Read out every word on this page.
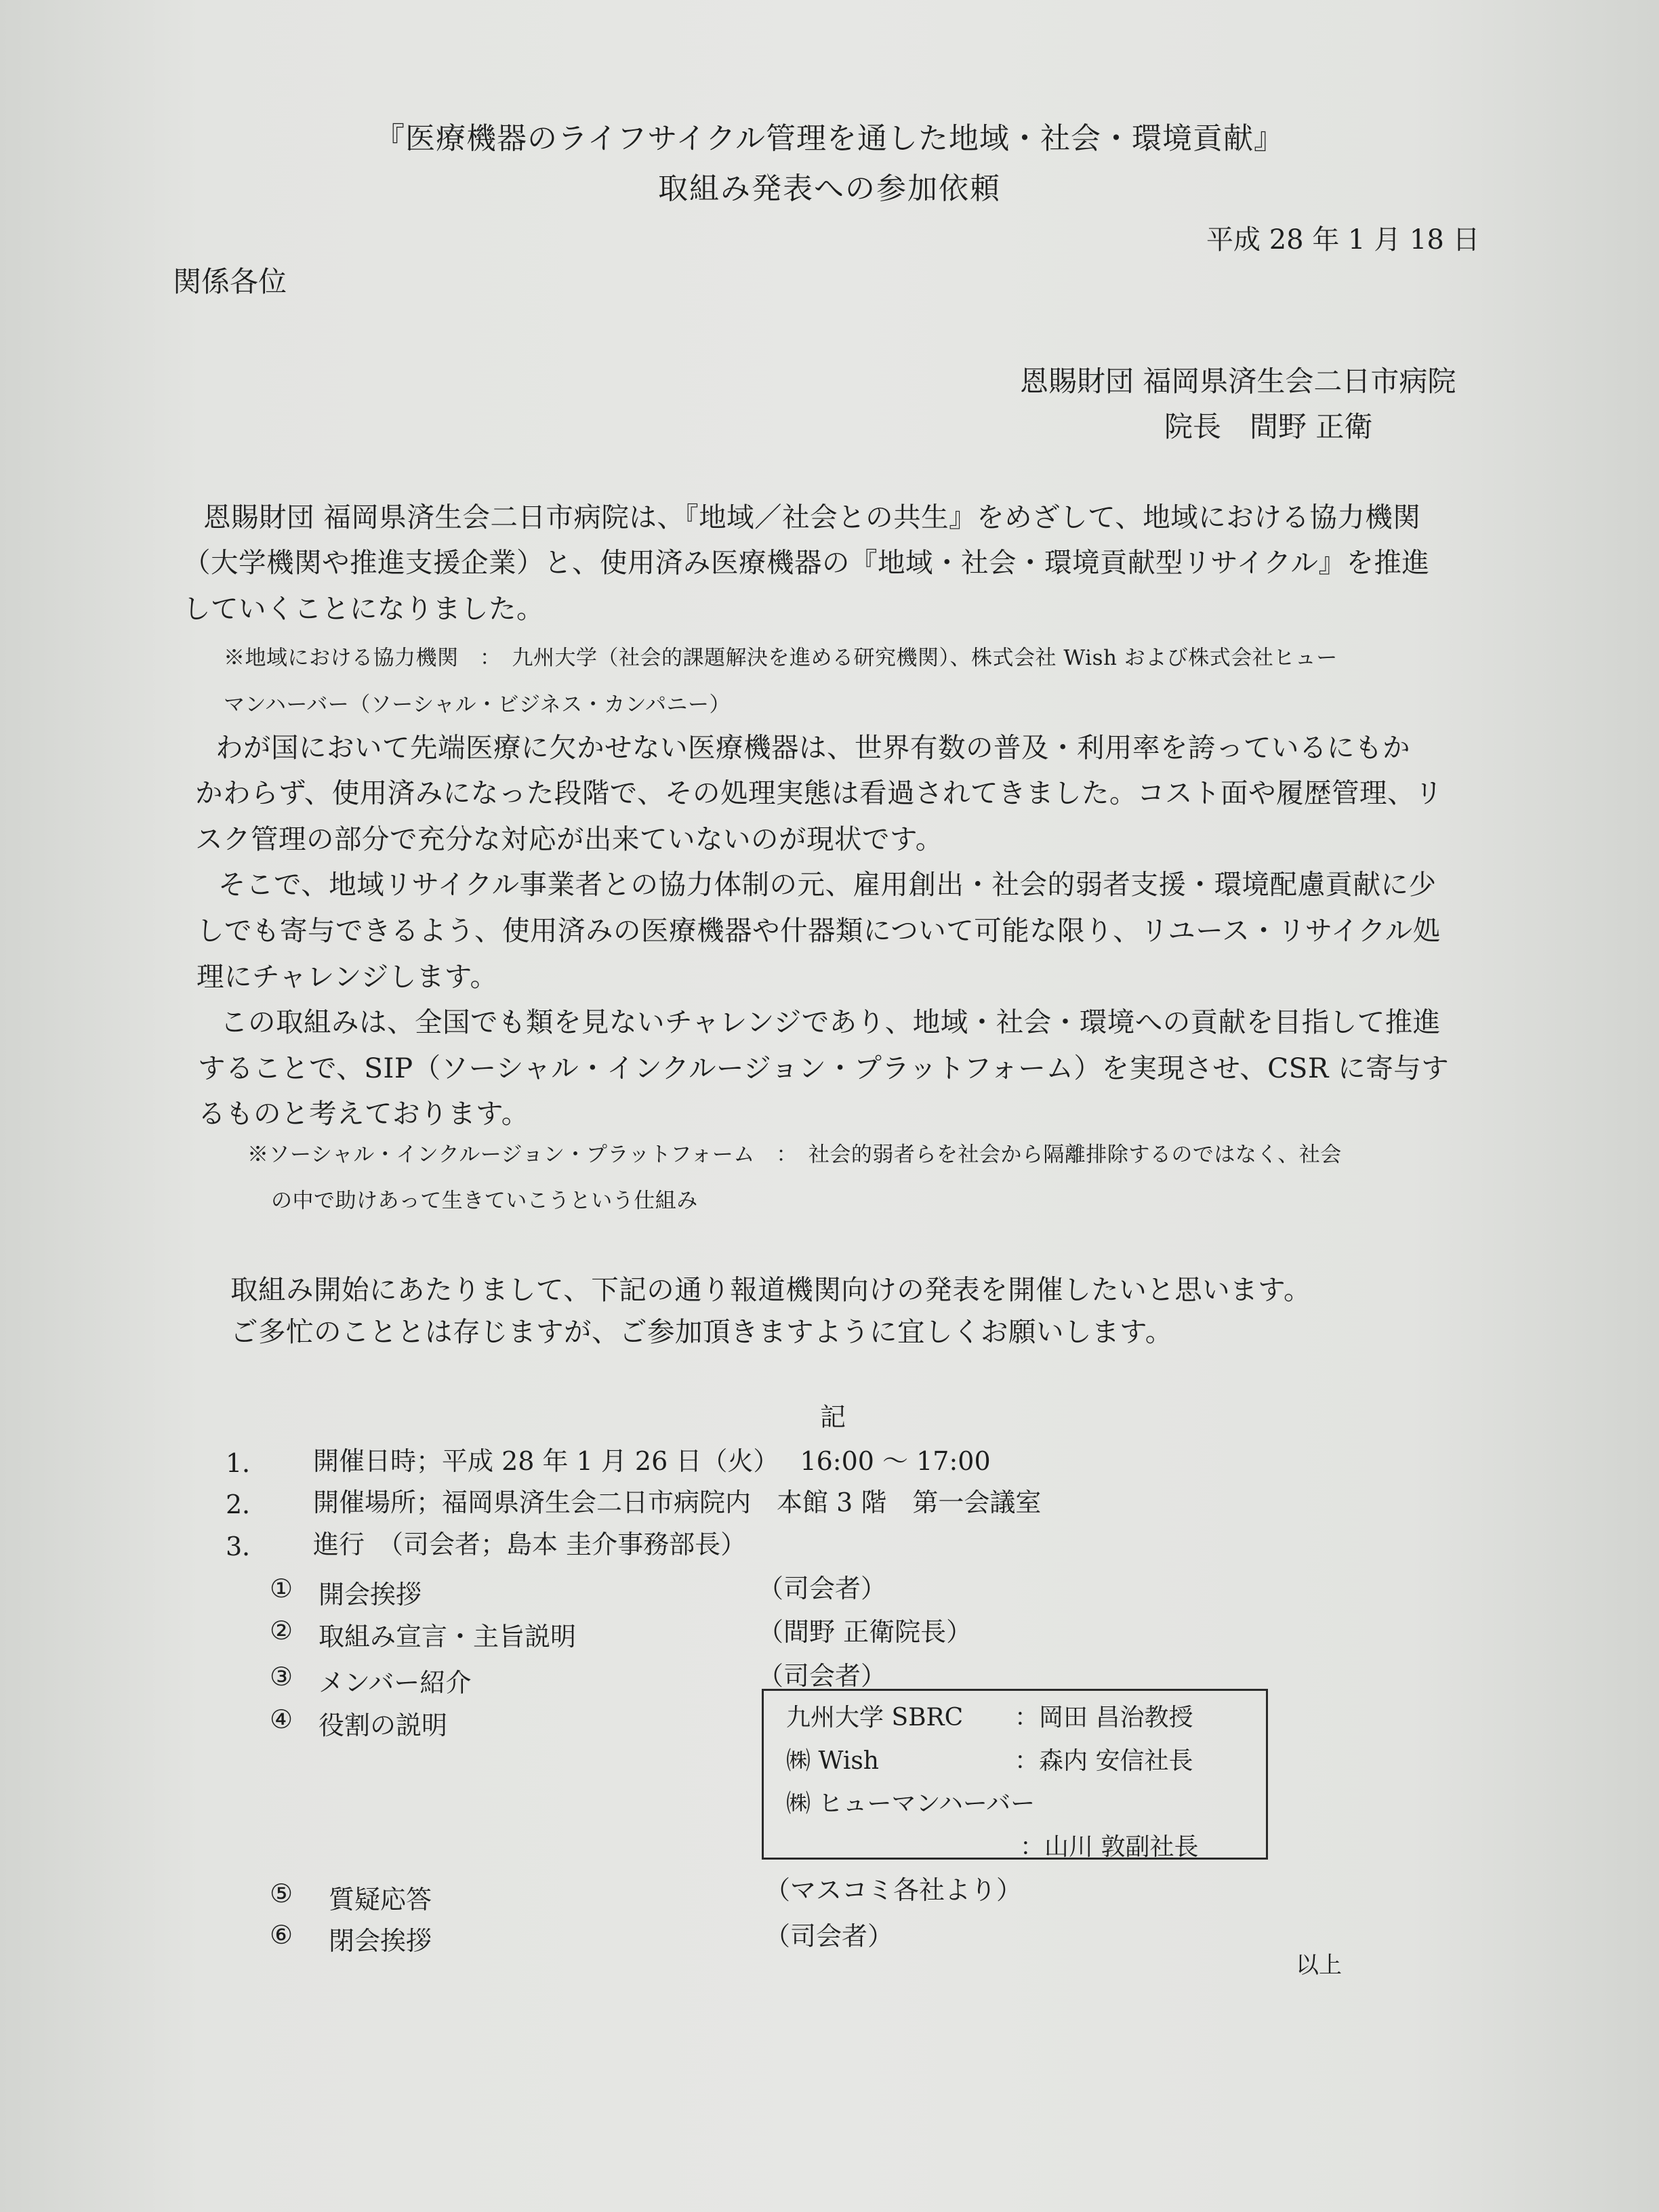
『医療機器のライフサイクル管理を通した地域・社会・環境貢献』
取組み発表への参加依頼
平成 28 年 1 月 18 日
関係各位
恩賜財団 福岡県済生会二日市病院
院長　間野 正衛
恩賜財団 福岡県済生会二日市病院は、『地域／社会との共生』をめざして、地域における協力機関
（大学機関や推進支援企業）と、使用済み医療機器の『地域・社会・環境貢献型リサイクル』を推進
していくことになりました。
※地域における協力機関　：　九州大学（社会的課題解決を進める研究機関）、株式会社 Wish および株式会社ヒュー
マンハーバー（ソーシャル・ビジネス・カンパニー）
わが国において先端医療に欠かせない医療機器は、世界有数の普及・利用率を誇っているにもか
かわらず、使用済みになった段階で、その処理実態は看過されてきました。コスト面や履歴管理、リ
スク管理の部分で充分な対応が出来ていないのが現状です。
そこで、地域リサイクル事業者との協力体制の元、雇用創出・社会的弱者支援・環境配慮貢献に少
しでも寄与できるよう、使用済みの医療機器や什器類について可能な限り、リユース・リサイクル処
理にチャレンジします。
この取組みは、全国でも類を見ないチャレンジであり、地域・社会・環境への貢献を目指して推進
することで、SIP（ソーシャル・インクルージョン・プラットフォーム）を実現させ、CSR に寄与す
るものと考えております。
※ソーシャル・インクルージョン・プラットフォーム　：　社会的弱者らを社会から隔離排除するのではなく、社会
の中で助けあって生きていこうという仕組み
取組み開始にあたりまして、下記の通り報道機関向けの発表を開催したいと思います。
ご多忙のこととは存じますが、ご参加頂きますように宜しくお願いします。
記
1． 開催日時；平成 28 年 1 月 26 日（火）　 16:00 ～ 17:00
2． 開催場所；福岡県済生会二日市病院内　本館 3 階　第一会議室
3． 進行　（司会者；島本 圭介事務部長）
① 開会挨拶	（司会者）
② 取組み宣言・主旨説明	（間野 正衛院長）
③ メンバー紹介	（司会者）
④ 役割の説明	九州大学 SBRC ：岡田 昌治教授
㈱ Wish	：森内 安信社長
㈱ ヒューマンハーバー
：山川 敦副社長
⑤ 質疑応答	（マスコミ各社より）
⑥ 閉会挨拶	（司会者）
以上
